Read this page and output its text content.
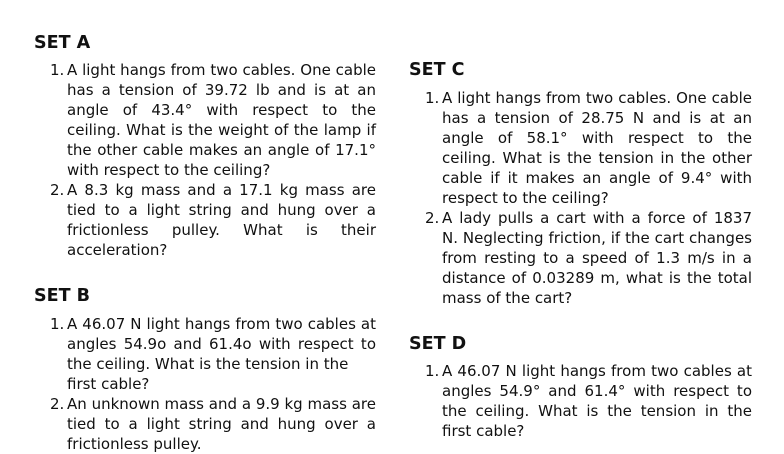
SET A
1. A light hangs from two cables. One cable has a tension of 39.72 lb and is at an angle of 43.4° with respect to the ceiling. What is the weight of the lamp if the other cable makes an angle of 17.1° with respect to the ceiling?
2. A 8.3 kg mass and a 17.1 kg mass are tied to a light string and hung over a frictionless pulley. What is their acceleration?
SET B
1. A 46.07 N light hangs from two cables at angles 54.9o and 61.4o with respect to the ceiling. What is the tension in the
first cable?
2. An unknown mass and a 9.9 kg mass are tied to a light string and hung over a frictionless pulley.
SET C
1. A light hangs from two cables. One cable has a tension of 28.75 N and is at an angle of 58.1° with respect to the ceiling. What is the tension in the other cable if it makes an angle of 9.4° with respect to the ceiling?
2. A lady pulls a cart with a force of 1837 N. Neglecting friction, if the cart changes from resting to a speed of 1.3 m/s in a distance of 0.03289 m, what is the total mass of the cart?
SET D
1. A 46.07 N light hangs from two cables at angles 54.9° and 61.4° with respect to the ceiling. What is the tension in the first cable?
